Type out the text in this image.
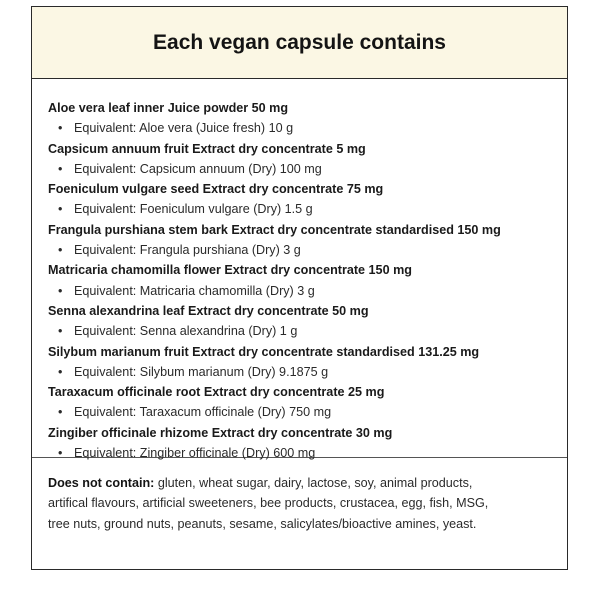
Each vegan capsule contains
Aloe vera leaf inner Juice powder 50 mg
• Equivalent: Aloe vera (Juice fresh) 10 g
Capsicum annuum fruit Extract dry concentrate 5 mg
• Equivalent: Capsicum annuum (Dry) 100 mg
Foeniculum vulgare seed Extract dry concentrate 75 mg
• Equivalent: Foeniculum vulgare (Dry) 1.5 g
Frangula purshiana stem bark Extract dry concentrate standardised 150 mg
• Equivalent: Frangula purshiana (Dry) 3 g
Matricaria chamomilla flower Extract dry concentrate 150 mg
• Equivalent: Matricaria chamomilla (Dry) 3 g
Senna alexandrina leaf Extract dry concentrate 50 mg
• Equivalent: Senna alexandrina (Dry) 1 g
Silybum marianum fruit Extract dry concentrate standardised 131.25 mg
• Equivalent: Silybum marianum (Dry) 9.1875 g
Taraxacum officinale root Extract dry concentrate 25 mg
• Equivalent: Taraxacum officinale (Dry) 750 mg
Zingiber officinale rhizome Extract dry concentrate 30 mg
• Equivalent: Zingiber officinale (Dry) 600 mg
Does not contain: gluten, wheat sugar, dairy, lactose, soy, animal products,
artifical flavours, artificial sweeteners, bee products, crustacea, egg, fish, MSG,
tree nuts, ground nuts, peanuts, sesame, salicylates/bioactive amines, yeast.
